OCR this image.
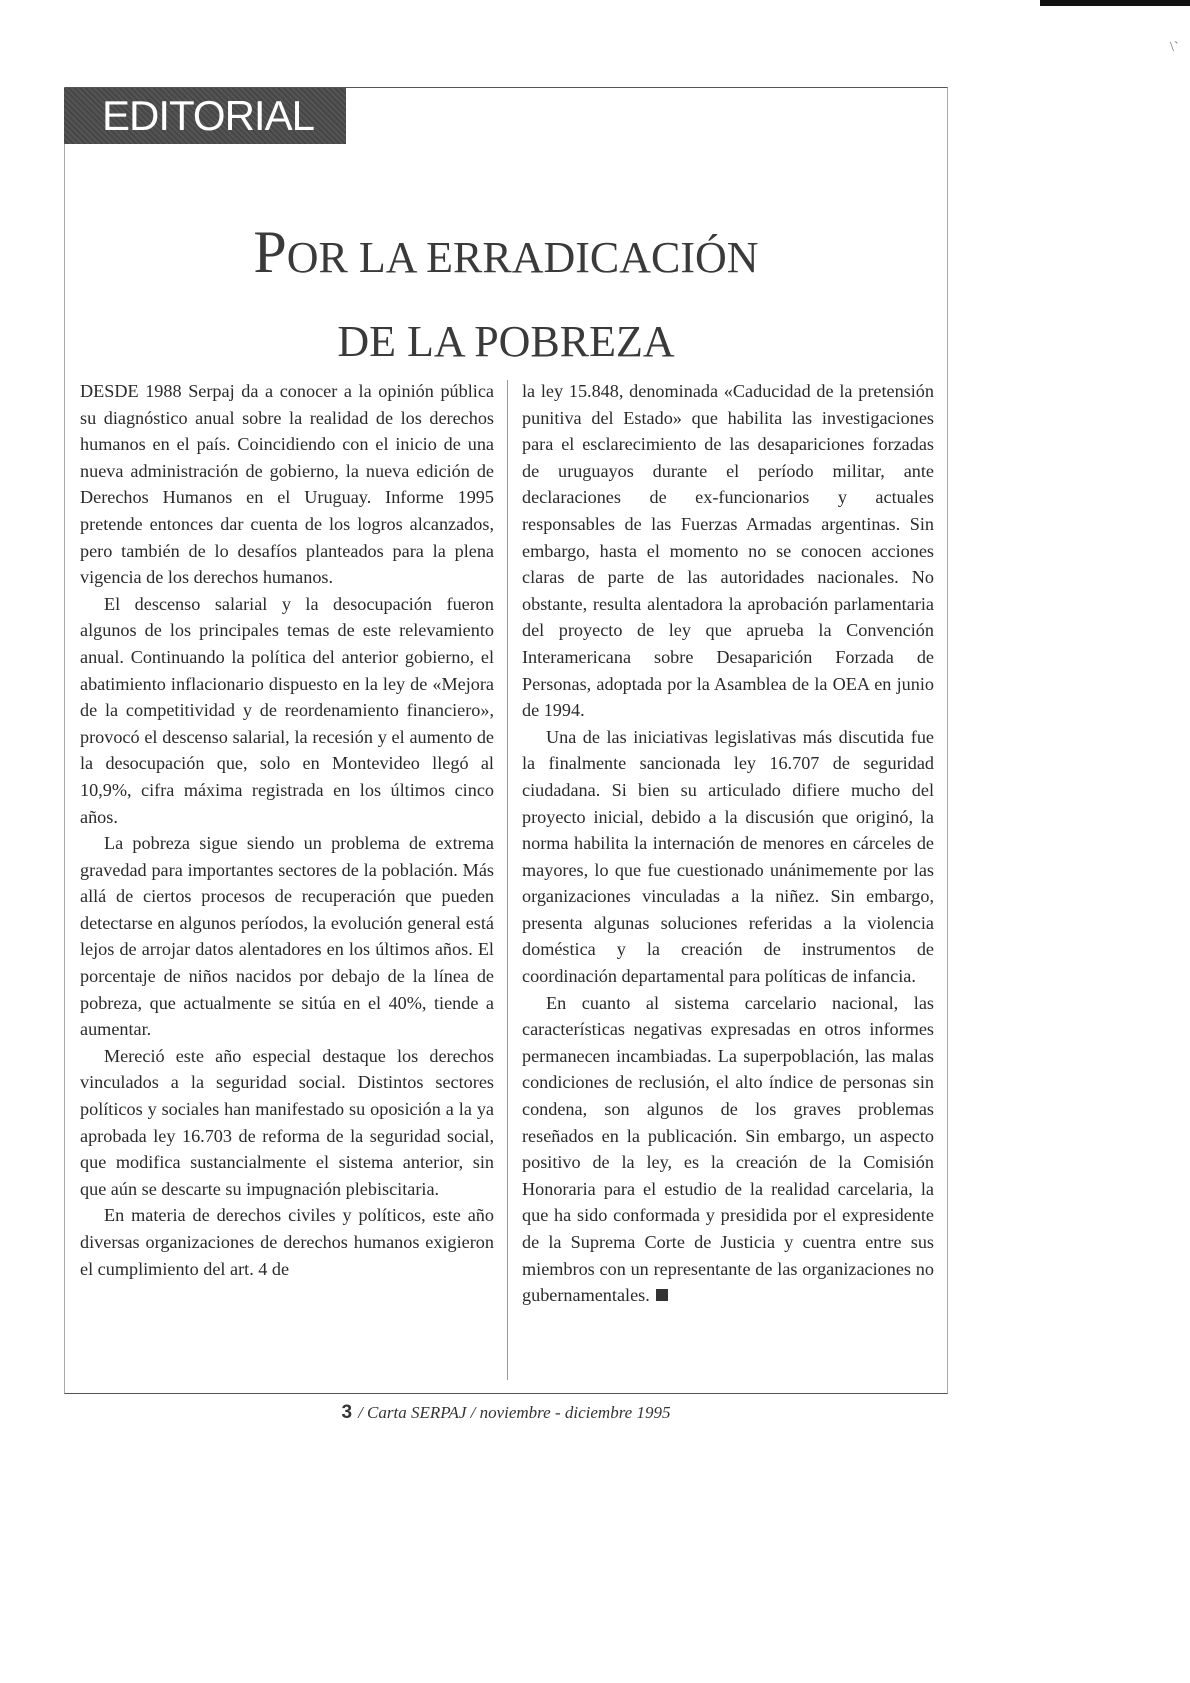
\`
EDITORIAL
POR LA ERRADICACIÓN
DE LA POBREZA

DESDE 1988 Serpaj da a conocer a la opinión pública su diagnóstico anual sobre la realidad de los derechos humanos en el país. Coincidiendo con el inicio de una nueva administración de gobierno, la nueva edición de Derechos Humanos en el Uruguay. Informe 1995 pretende entonces dar cuenta de los logros alcanzados, pero también de lo desafíos planteados para la plena vigencia de los derechos humanos.

El descenso salarial y la desocupación fueron algunos de los principales temas de este relevamiento anual. Continuando la política del anterior gobierno, el abatimiento inflacionario dispuesto en la ley de «Mejora de la competitividad y de reordenamiento financiero», provocó el descenso salarial, la recesión y el aumento de la desocupación que, solo en Montevideo llegó al 10,9%, cifra máxima registrada en los últimos cinco años.

La pobreza sigue siendo un problema de extrema gravedad para importantes sectores de la población. Más allá de ciertos procesos de recuperación que pueden detectarse en algunos períodos, la evolución general está lejos de arrojar datos alentadores en los últimos años. El porcentaje de niños nacidos por debajo de la línea de pobreza, que actualmente se sitúa en el 40%, tiende a aumentar.

Mereció este año especial destaque los derechos vinculados a la seguridad social. Distintos sectores políticos y sociales han manifestado su oposición a la ya aprobada ley 16.703 de reforma de la seguridad social, que modifica sustancialmente el sistema anterior, sin que aún se descarte su impugnación plebiscitaria.

En materia de derechos civiles y políticos, este año diversas organizaciones de derechos humanos exigieron el cumplimiento del art. 4 de

la ley 15.848, denominada «Caducidad de la pretensión punitiva del Estado» que habilita las investigaciones para el esclarecimiento de las desapariciones forzadas de uruguayos durante el período militar, ante declaraciones de ex-funcionarios y actuales responsables de las Fuerzas Armadas argentinas. Sin embargo, hasta el momento no se conocen acciones claras de parte de las autoridades nacionales. No obstante, resulta alentadora la aprobación parlamentaria del proyecto de ley que aprueba la Convención Interamericana sobre Desaparición Forzada de Personas, adoptada por la Asamblea de la OEA en junio de 1994.

Una de las iniciativas legislativas más discutida fue la finalmente sancionada ley 16.707 de seguridad ciudadana. Si bien su articulado difiere mucho del proyecto inicial, debido a la discusión que originó, la norma habilita la internación de menores en cárceles de mayores, lo que fue cuestionado unánimemente por las organizaciones vinculadas a la niñez. Sin embargo, presenta algunas soluciones referidas a la violencia doméstica y la creación de instrumentos de coordinación departamental para políticas de infancia.

En cuanto al sistema carcelario nacional, las características negativas expresadas en otros informes permanecen incambiadas. La superpoblación, las malas condiciones de reclusión, el alto índice de personas sin condena, son algunos de los graves problemas reseñados en la publicación. Sin embargo, un aspecto positivo de la ley, es la creación de la Comisión Honoraria para el estudio de la realidad carcelaria, la que ha sido conformada y presidida por el expresidente de la Suprema Corte de Justicia y cuentra entre sus miembros con un representante de las organizaciones no gubernamentales.

3 / Carta SERPAJ / noviembre - diciembre 1995
